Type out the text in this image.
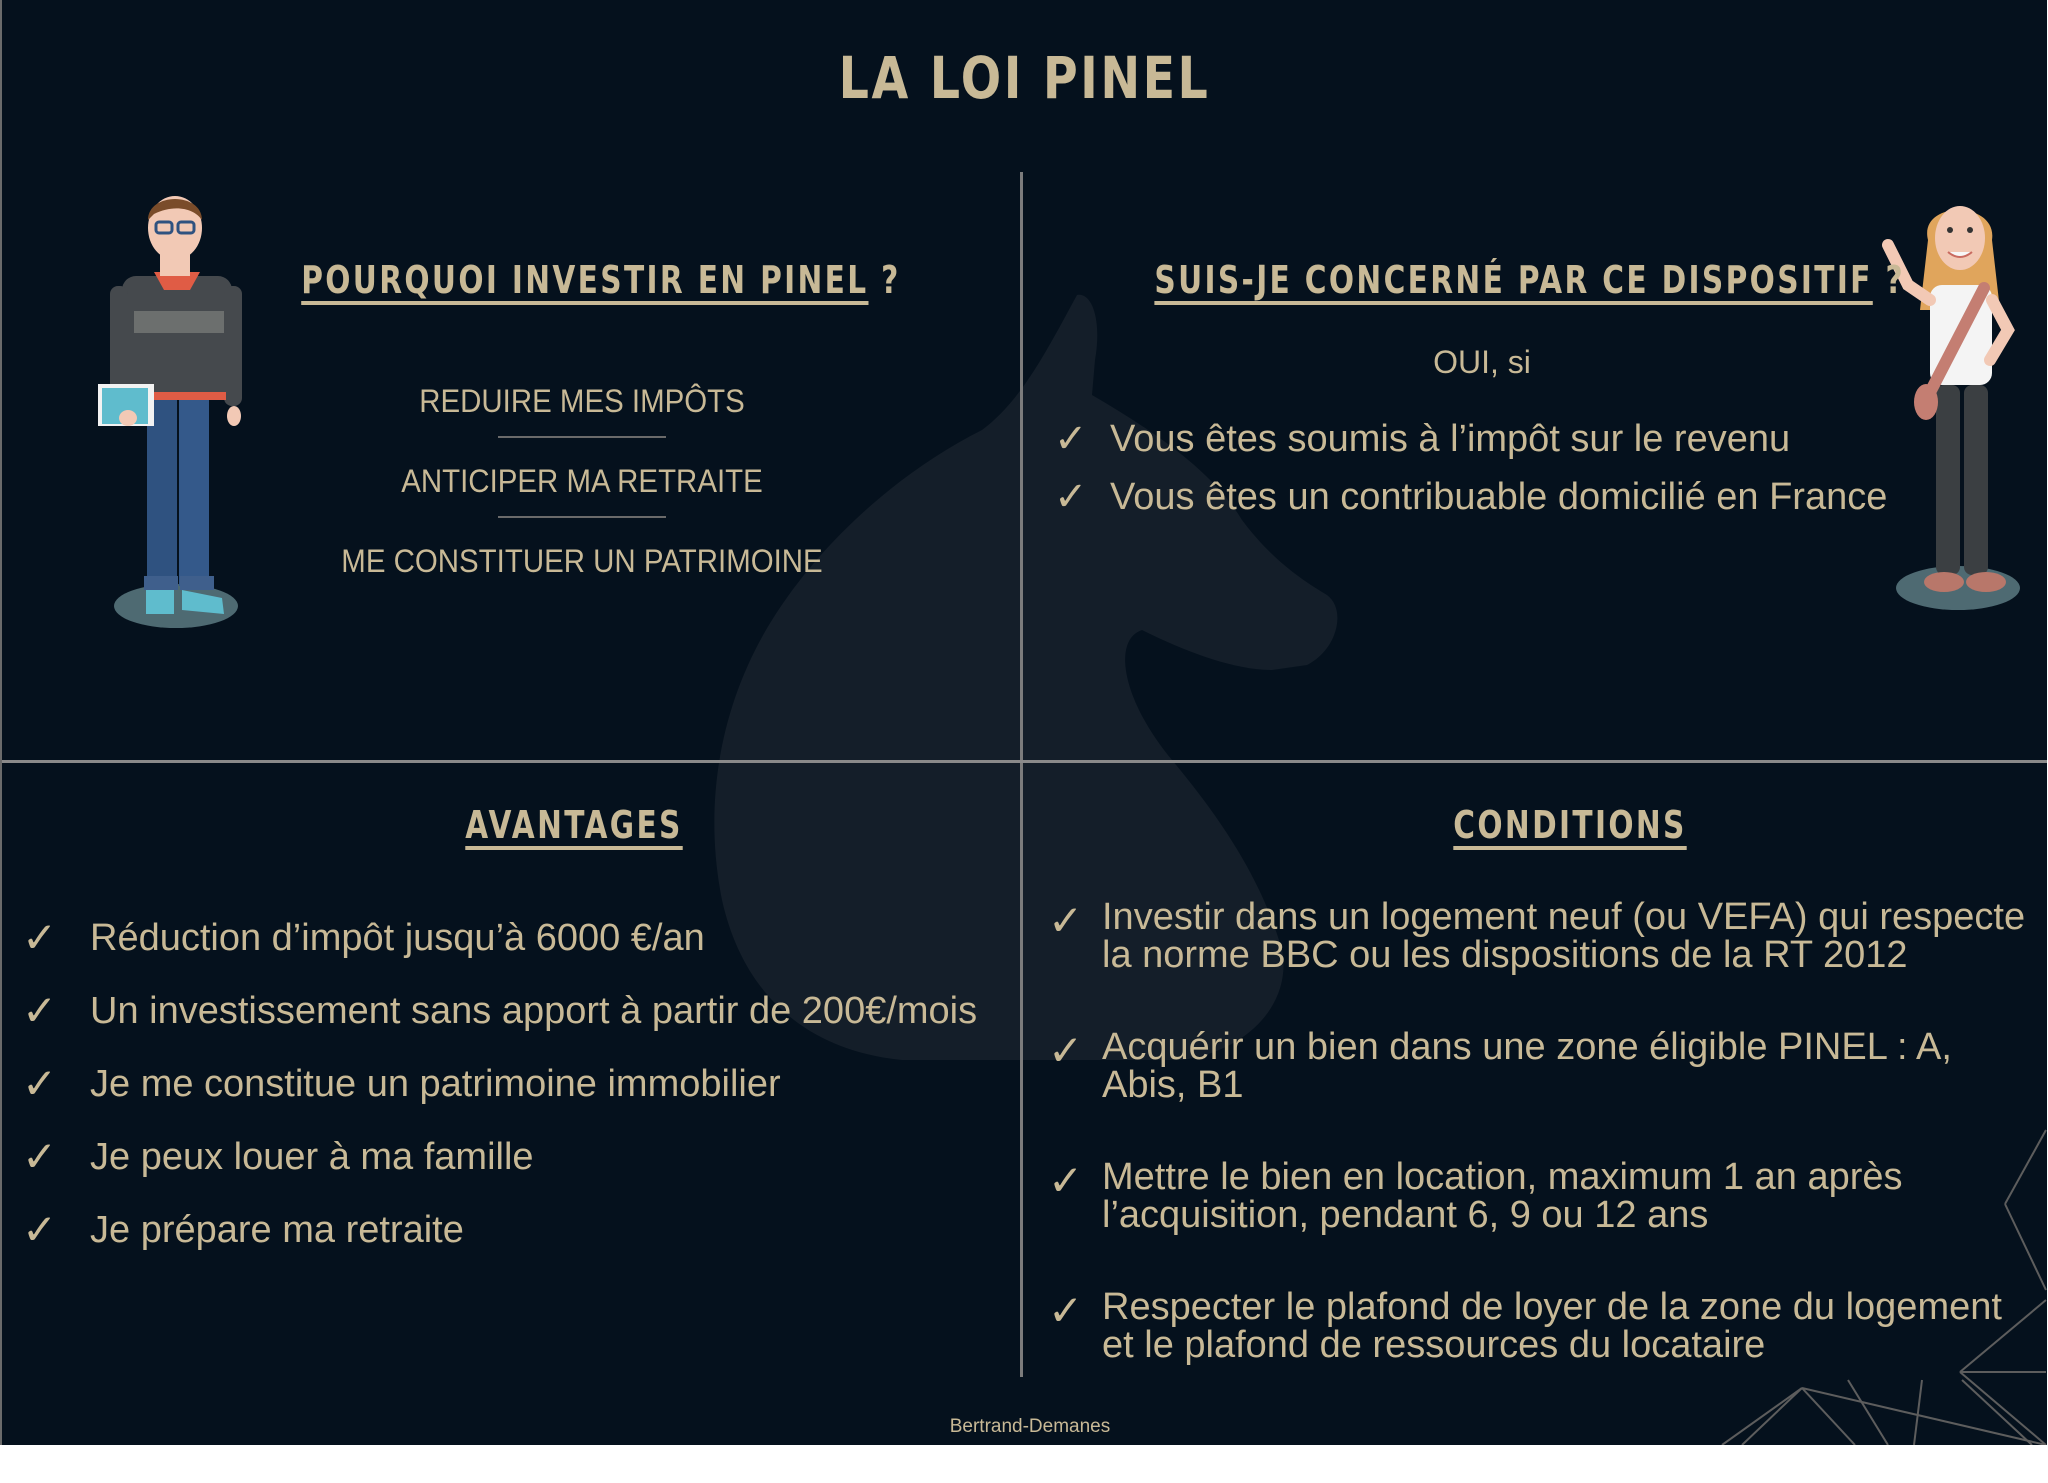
LA LOI PINEL
POURQUOI INVESTIR EN PINEL ?
REDUIRE MES IMPÔTS
ANTICIPER MA RETRAITE
ME CONSTITUER UN PATRIMOINE
SUIS-JE CONCERNÉ PAR CE DISPOSITIF ?
OUI, si
✓ Vous êtes soumis à l’impôt sur le revenu
✓ Vous êtes un contribuable domicilié en France
AVANTAGES
✓ Réduction d’impôt jusqu’à 6000 €/an
✓ Un investissement sans apport à partir de 200€/mois
✓ Je me constitue un patrimoine immobilier
✓ Je peux louer à ma famille
✓ Je prépare ma retraite
CONDITIONS
✓ Investir dans un logement neuf (ou VEFA) qui respecte la norme BBC ou les dispositions de la RT 2012
✓ Acquérir un bien dans une zone éligible PINEL : A, Abis, B1
✓ Mettre le bien en location, maximum 1 an après l’acquisition, pendant 6, 9 ou 12 ans
✓ Respecter le plafond de loyer de la zone du logement et le plafond de ressources du locataire
Bertrand-Demanes
